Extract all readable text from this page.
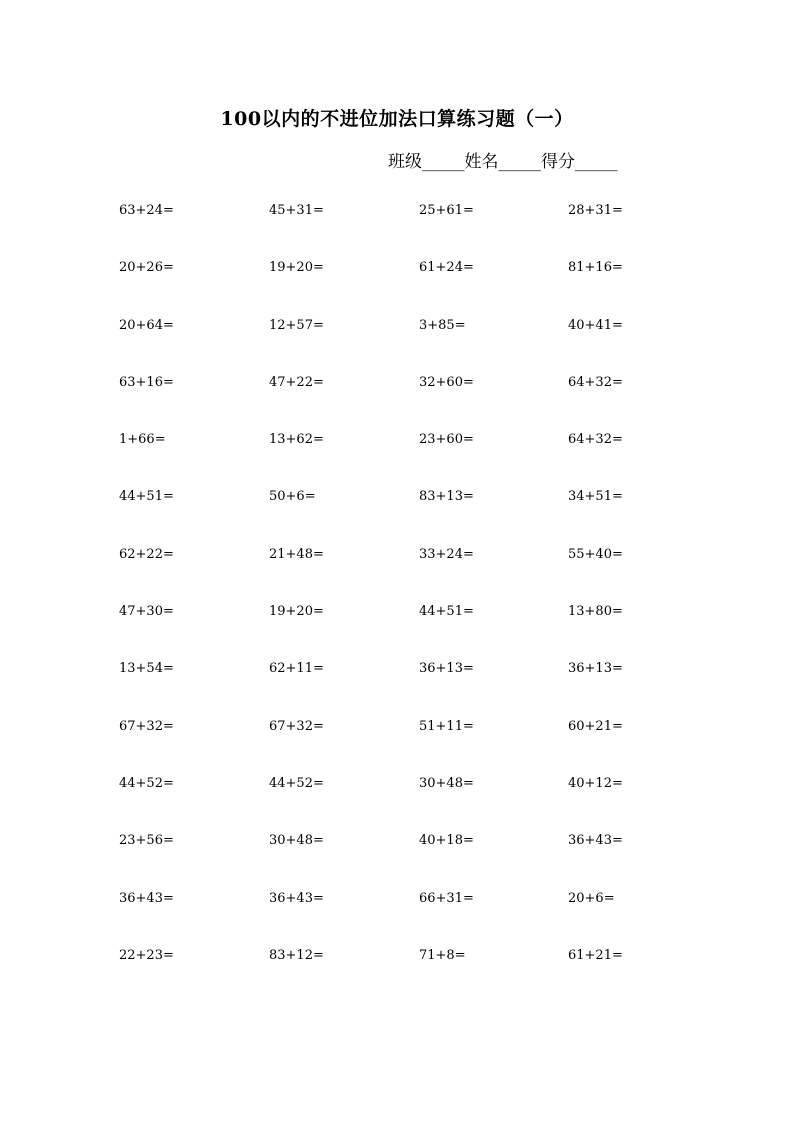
100以内的不进位加法口算练习题（一）
班级_____姓名_____得分_____
63+24=	45+31=	25+61=	28+31=
20+26=	19+20=	61+24=	81+16=
20+64=	12+57=	3+85=	40+41=
63+16=	47+22=	32+60=	64+32=
1+66=	13+62=	23+60=	64+32=
44+51=	50+6=	83+13=	34+51=
62+22=	21+48=	33+24=	55+40=
47+30=	19+20=	44+51=	13+80=
13+54=	62+11=	36+13=	36+13=
67+32=	67+32=	51+11=	60+21=
44+52=	44+52=	30+48=	40+12=
23+56=	30+48=	40+18=	36+43=
36+43=	36+43=	66+31=	20+6=
22+23=	83+12=	71+8=	61+21=
